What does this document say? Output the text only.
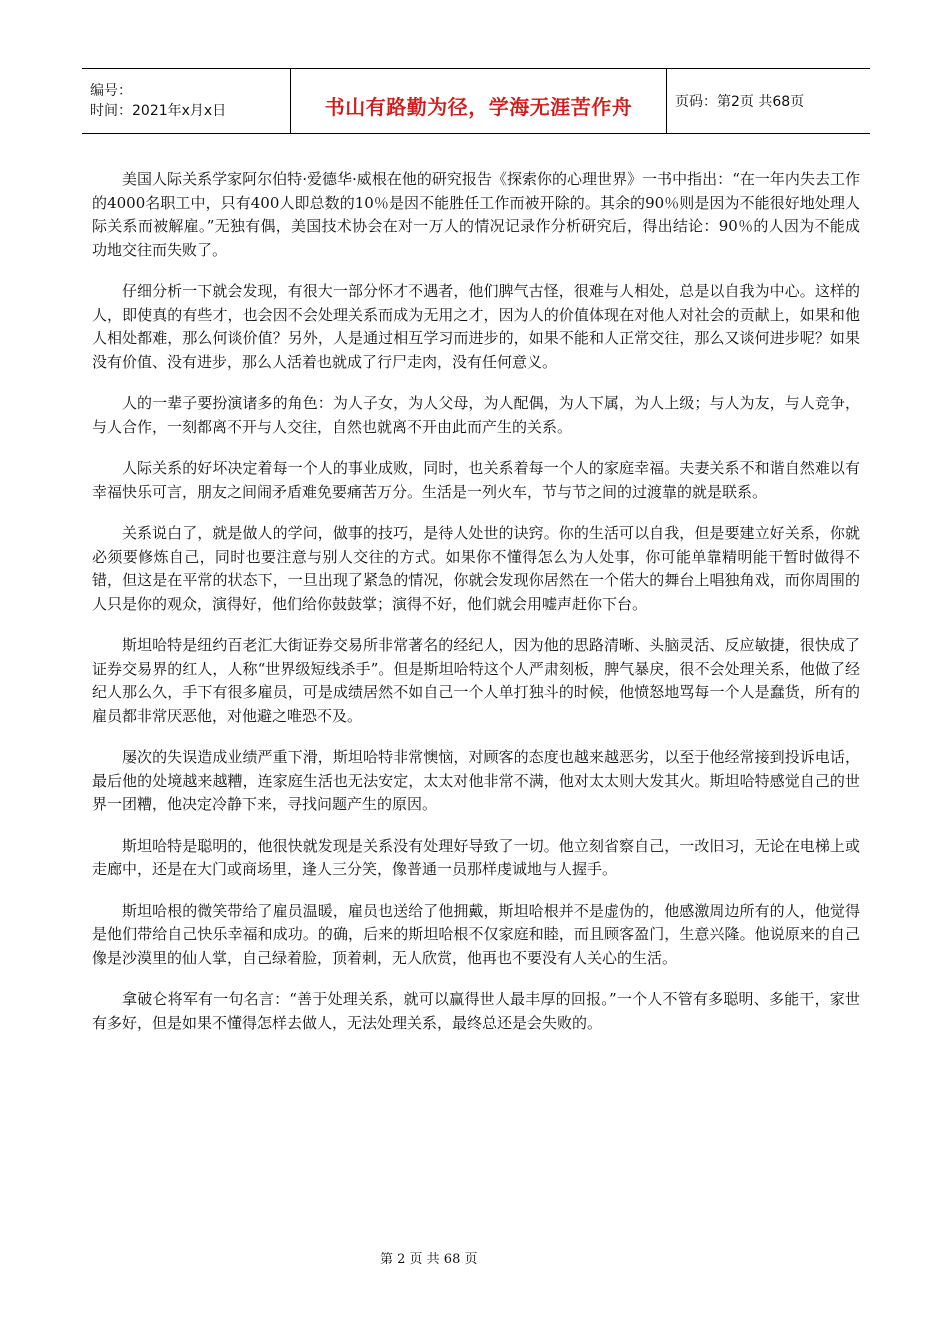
编号：
时间：2021年x月x日	书山有路勤为径，学海无涯苦作舟	页码：第2页 共68页

美国人际关系学家阿尔伯特·爱德华·威根在他的研究报告《探索你的心理世界》一书中指出：“在一年内失去工作的4000名职工中，只有400人即总数的10％是因不能胜任工作而被开除的。其余的90％则是因为不能很好地处理人际关系而被解雇。”无独有偶，美国技术协会在对一万人的情况记录作分析研究后，得出结论：90％的人因为不能成功地交往而失败了。

仔细分析一下就会发现，有很大一部分怀才不遇者，他们脾气古怪，很难与人相处，总是以自我为中心。这样的人，即使真的有些才，也会因不会处理关系而成为无用之才，因为人的价值体现在对他人对社会的贡献上，如果和他人相处都难，那么何谈价值？另外，人是通过相互学习而进步的，如果不能和人正常交往，那么又谈何进步呢？如果没有价值、没有进步，那么人活着也就成了行尸走肉，没有任何意义。

人的一辈子要扮演诸多的角色：为人子女，为人父母，为人配偶，为人下属，为人上级；与人为友，与人竞争，与人合作，一刻都离不开与人交往，自然也就离不开由此而产生的关系。

人际关系的好坏决定着每一个人的事业成败，同时，也关系着每一个人的家庭幸福。夫妻关系不和谐自然难以有幸福快乐可言，朋友之间闹矛盾难免要痛苦万分。生活是一列火车，节与节之间的过渡靠的就是联系。

关系说白了，就是做人的学问，做事的技巧，是待人处世的诀窍。你的生活可以自我，但是要建立好关系，你就必须要修炼自己，同时也要注意与别人交往的方式。如果你不懂得怎么为人处事，你可能单靠精明能干暂时做得不错，但这是在平常的状态下，一旦出现了紧急的情况，你就会发现你居然在一个偌大的舞台上唱独角戏，而你周围的人只是你的观众，演得好，他们给你鼓鼓掌；演得不好，他们就会用嘘声赶你下台。

斯坦哈特是纽约百老汇大街证券交易所非常著名的经纪人，因为他的思路清晰、头脑灵活、反应敏捷，很快成了证券交易界的红人，人称“世界级短线杀手”。但是斯坦哈特这个人严肃刻板，脾气暴戾，很不会处理关系，他做了经纪人那么久，手下有很多雇员，可是成绩居然不如自己一个人单打独斗的时候，他愤怒地骂每一个人是蠢货，所有的雇员都非常厌恶他，对他避之唯恐不及。

屡次的失误造成业绩严重下滑，斯坦哈特非常懊恼，对顾客的态度也越来越恶劣，以至于他经常接到投诉电话，最后他的处境越来越糟，连家庭生活也无法安定，太太对他非常不满，他对太太则大发其火。斯坦哈特感觉自己的世界一团糟，他决定冷静下来，寻找问题产生的原因。

斯坦哈特是聪明的，他很快就发现是关系没有处理好导致了一切。他立刻省察自己，一改旧习，无论在电梯上或走廊中，还是在大门或商场里，逢人三分笑，像普通一员那样虔诚地与人握手。

斯坦哈根的微笑带给了雇员温暖，雇员也送给了他拥戴，斯坦哈根并不是虚伪的，他感激周边所有的人，他觉得是他们带给自己快乐幸福和成功。的确，后来的斯坦哈根不仅家庭和睦，而且顾客盈门，生意兴隆。他说原来的自己像是沙漠里的仙人掌，自己绿着脸，顶着刺，无人欣赏，他再也不要没有人关心的生活。

拿破仑将军有一句名言：“善于处理关系，就可以赢得世人最丰厚的回报。”一个人不管有多聪明、多能干，家世有多好，但是如果不懂得怎样去做人，无法处理关系，最终总还是会失败的。

第 2 页 共 68 页
